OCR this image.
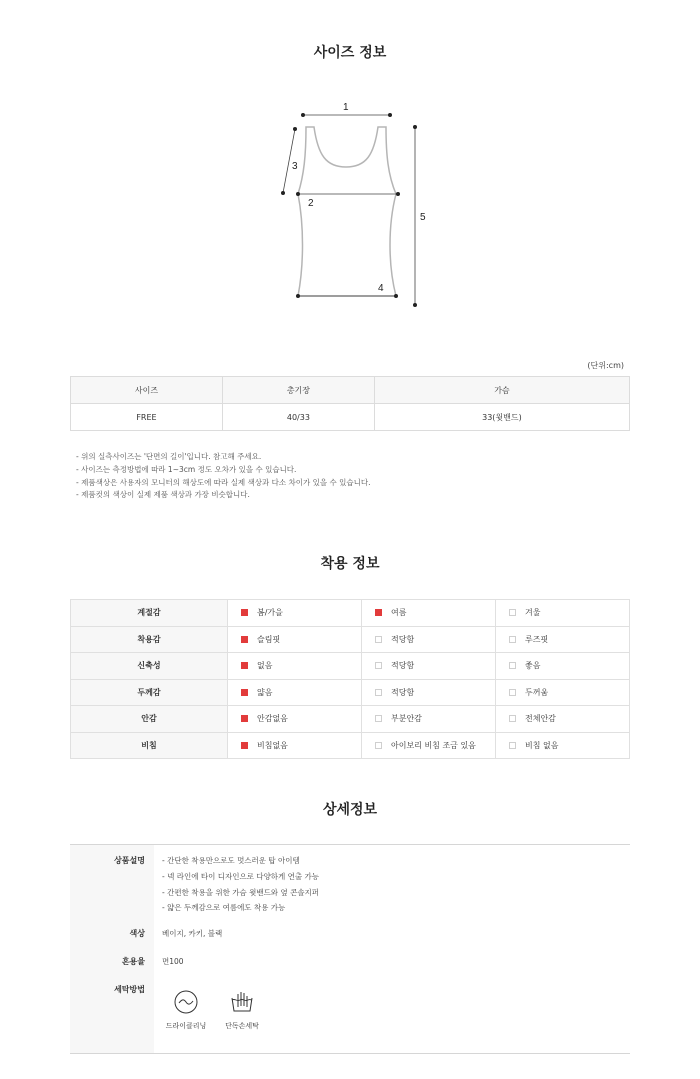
사이즈 정보
1
2
3
4
5
(단위:cm)
사이즈	총기장	가슴
FREE	40/33	33(윗밴드)
- 위의 실측사이즈는 '단면의 길이'입니다. 참고해 주세요.
- 사이즈는 측정방법에 따라 1~3cm 정도 오차가 있을 수 있습니다.
- 제품색상은 사용자의 모니터의 해상도에 따라 실제 색상과 다소 차이가 있을 수 있습니다.
- 제품컷의 색상이 실제 제품 색상과 가장 비슷합니다.
착용 정보
계절감	봄/가을	여름	겨울
착용감	슬림핏	적당함	루즈핏
신축성	없음	적당함	좋음
두께감	얇음	적당함	두꺼움
안감	안감없음	부분안감	전체안감
비침	비침없음	아이보리 비침 조금 있음	비침 없음
상세정보
상품설명 - 간단한 착용만으로도 멋스러운 탑 아이템
- 넥 라인에 타이 디자인으로 다양하게 연출 가능
- 간편한 착용을 위한 가슴 윗밴드와 옆 콘솔지퍼
- 얇은 두께감으로 여름에도 착용 가능
색상 베이지, 카키, 블랙
혼용율 면100
세탁방법
드라이클리닝	단독손세탁
